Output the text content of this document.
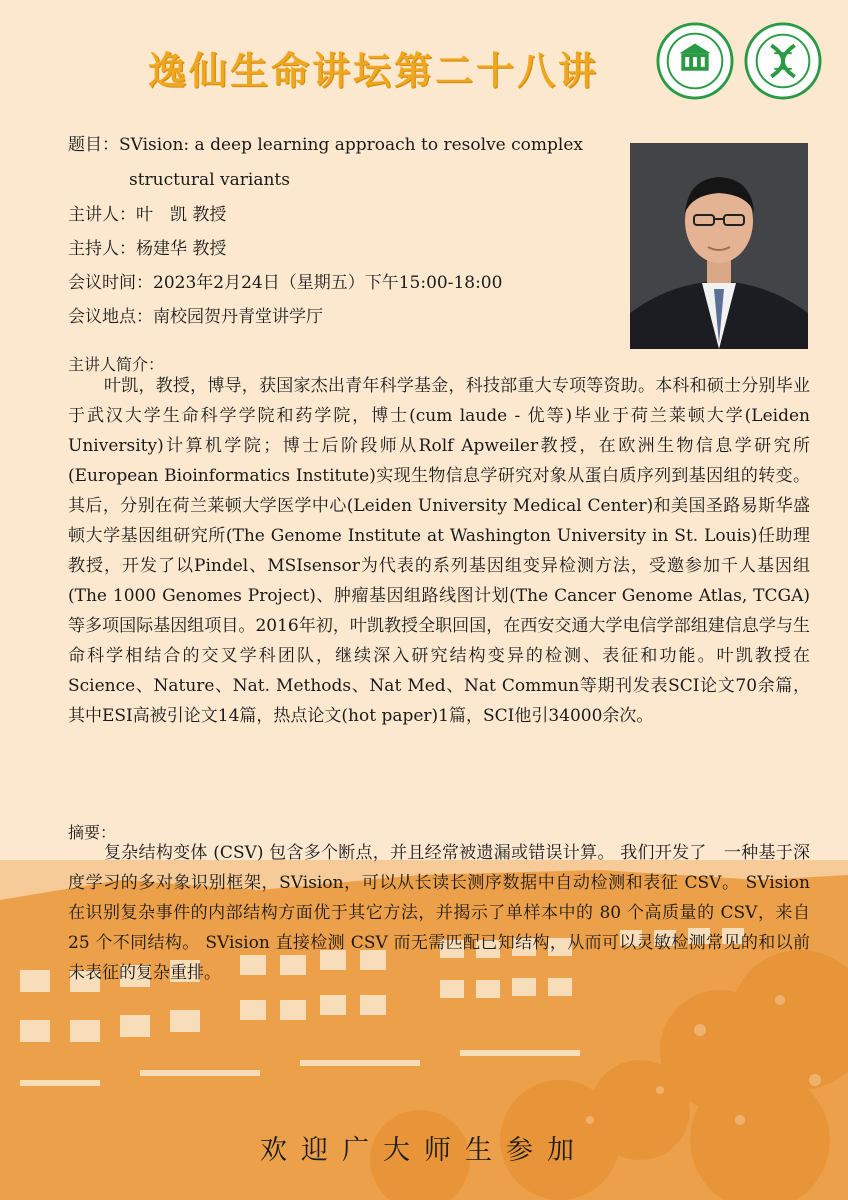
逸仙生命讲坛第二十八讲
题目：SVision: a deep learning approach to resolve complex
structural variants
主讲人：叶　凯 教授
主持人：杨建华 教授
会议时间：2023年2月24日（星期五）下午15:00-18:00
会议地点：南校园贺丹青堂讲学厅
主讲人简介：
叶凯，教授，博导，获国家杰出青年科学基金，科技部重大专项等资助。本科和硕士分别毕业于武汉大学生命科学学院和药学院，博士(cum laude - 优等)毕业于荷兰莱顿大学(Leiden University)计算机学院；博士后阶段师从Rolf Apweiler教授，在欧洲生物信息学研究所(European Bioinformatics Institute)实现生物信息学研究对象从蛋白质序列到基因组的转变。其后，分别在荷兰莱顿大学医学中心(Leiden University Medical Center)和美国圣路易斯华盛顿大学基因组研究所(The Genome Institute at Washington University in St. Louis)任助理教授，开发了以Pindel、MSIsensor为代表的系列基因组变异检测方法，受邀参加千人基因组(The 1000 Genomes Project)、肿瘤基因组路线图计划(The Cancer Genome Atlas, TCGA)等多项国际基因组项目。2016年初，叶凯教授全职回国，在西安交通大学电信学部组建信息学与生命科学相结合的交叉学科团队，继续深入研究结构变异的检测、表征和功能。叶凯教授在Science、Nature、Nat. Methods、Nat Med、Nat Commun等期刊发表SCI论文70余篇，其中ESI高被引论文14篇，热点论文(hot paper)1篇，SCI他引34000余次。
摘要：
复杂结构变体 (CSV) 包含多个断点，并且经常被遗漏或错误计算。 我们开发了　一种基于深度学习的多对象识别框架，SVision，可以从长读长测序数据中自动检测和表征 CSV。 SVision 在识别复杂事件的内部结构方面优于其它方法，并揭示了单样本中的 80 个高质量的 CSV，来自 25 个不同结构。 SVision 直接检测 CSV 而无需匹配已知结构，从而可以灵敏检测常见的和以前未表征的复杂重排。
欢迎广大师生参加
